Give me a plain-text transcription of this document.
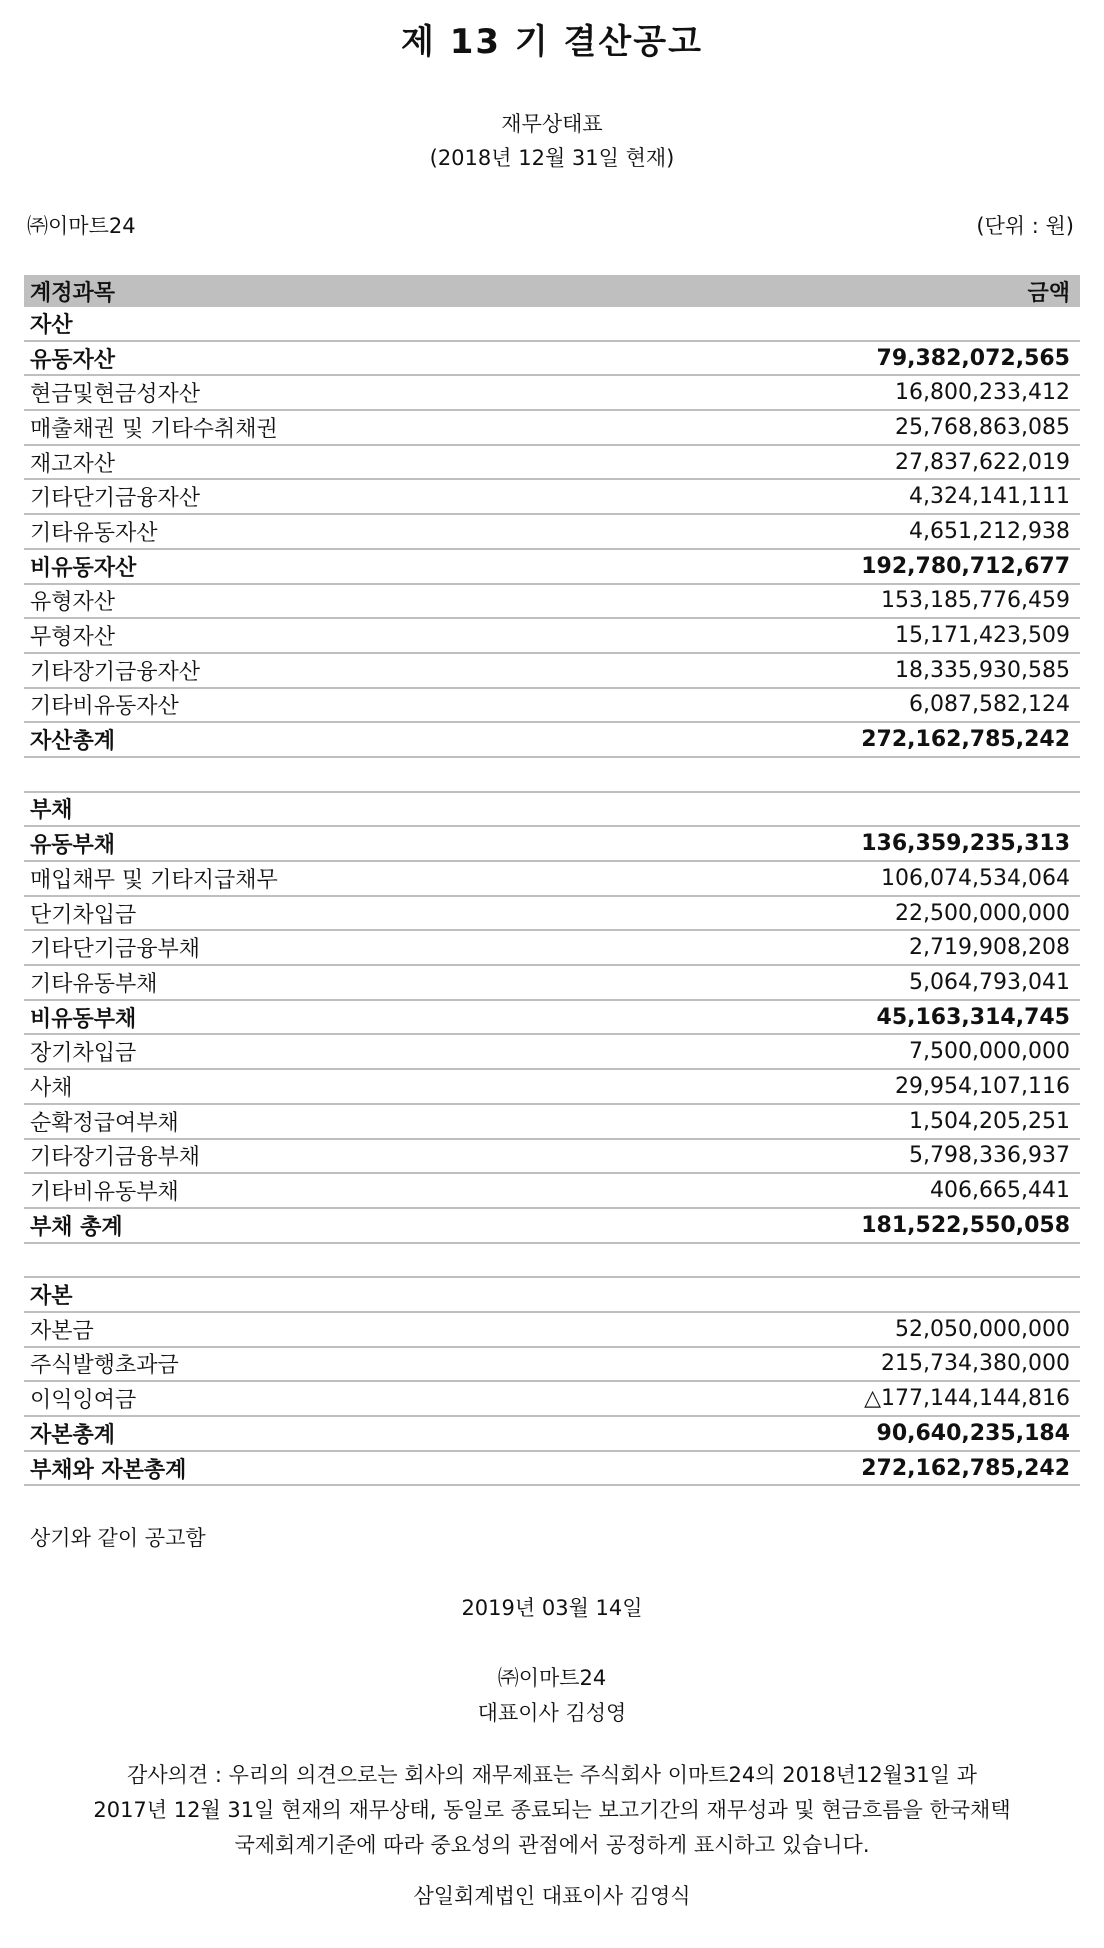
제 13 기 결산공고
재무상태표
(2018년 12월 31일 현재)
㈜이마트24	(단위 : 원)
계정과목	금액
자산	
유동자산	79,382,072,565
현금및현금성자산	16,800,233,412
매출채권 및 기타수취채권	25,768,863,085
재고자산	27,837,622,019
기타단기금융자산	4,324,141,111
기타유동자산	4,651,212,938
비유동자산	192,780,712,677
유형자산	153,185,776,459
무형자산	15,171,423,509
기타장기금융자산	18,335,930,585
기타비유동자산	6,087,582,124
자산총계	272,162,785,242

부채	
유동부채	136,359,235,313
매입채무 및 기타지급채무	106,074,534,064
단기차입금	22,500,000,000
기타단기금융부채	2,719,908,208
기타유동부채	5,064,793,041
비유동부채	45,163,314,745
장기차입금	7,500,000,000
사채	29,954,107,116
순확정급여부채	1,504,205,251
기타장기금융부채	5,798,336,937
기타비유동부채	406,665,441
부채 총계	181,522,550,058

자본	
자본금	52,050,000,000
주식발행초과금	215,734,380,000
이익잉여금	△177,144,144,816
자본총계	90,640,235,184
부채와 자본총계	272,162,785,242
상기와 같이 공고함
2019년 03월 14일
㈜이마트24
대표이사 김성영
감사의견 : 우리의 의견으로는 회사의 재무제표는 주식회사 이마트24의 2018년12월31일 과
2017년 12월 31일 현재의 재무상태, 동일로 종료되는 보고기간의 재무성과 및 현금흐름을 한국채택
국제회계기준에 따라 중요성의 관점에서 공정하게 표시하고 있습니다.
삼일회계법인 대표이사 김영식
